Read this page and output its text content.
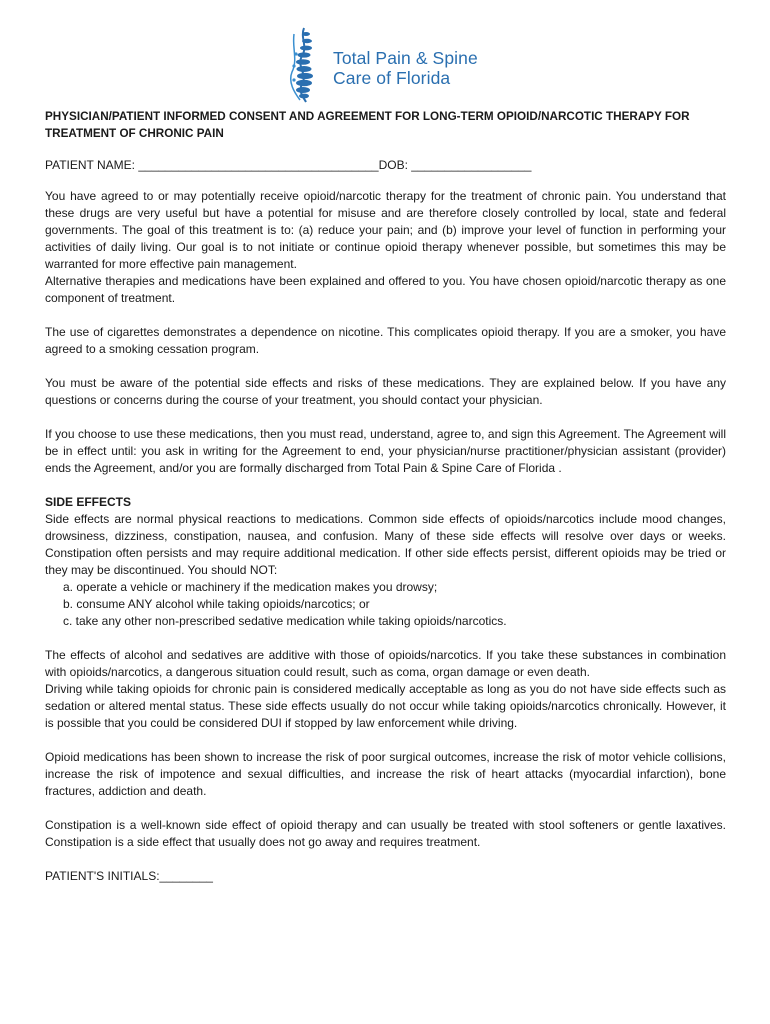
Total Pain & Spine
Care of Florida
PHYSICIAN/PATIENT INFORMED CONSENT AND AGREEMENT FOR LONG-TERM OPIOID/NARCOTIC THERAPY FOR TREATMENT OF CHRONIC PAIN
PATIENT NAME: ____________________________________DOB: __________________

You have agreed to or may potentially receive opioid/narcotic therapy for the treatment of chronic pain. You understand that these drugs are very useful but have a potential for misuse and are therefore closely controlled by local, state and federal governments. The goal of this treatment is to: (a) reduce your pain; and (b) improve your level of function in performing your activities of daily living. Our goal is to not initiate or continue opioid therapy whenever possible, but sometimes this may be warranted for more effective pain management.

Alternative therapies and medications have been explained and offered to you. You have chosen opioid/narcotic therapy as one component of treatment.

The use of cigarettes demonstrates a dependence on nicotine. This complicates opioid therapy. If you are a smoker, you have agreed to a smoking cessation program.

You must be aware of the potential side effects and risks of these medications. They are explained below. If you have any questions or concerns during the course of your treatment, you should contact your physician.

If you choose to use these medications, then you must read, understand, agree to, and sign this Agreement. The Agreement will be in effect until: you ask in writing for the Agreement to end, your physician/nurse practitioner/physician assistant (provider) ends the Agreement, and/or you are formally discharged from Total Pain & Spine Care of Florida .

SIDE EFFECTS

Side effects are normal physical reactions to medications. Common side effects of opioids/narcotics include mood changes, drowsiness, dizziness, constipation, nausea, and confusion. Many of these side effects will resolve over days or weeks. Constipation often persists and may require additional medication. If other side effects persist, different opioids may be tried or they may be discontinued. You should NOT:

a. operate a vehicle or machinery if the medication makes you drowsy;
b. consume ANY alcohol while taking opioids/narcotics; or
c. take any other non-prescribed sedative medication while taking opioids/narcotics.

The effects of alcohol and sedatives are additive with those of opioids/narcotics. If you take these substances in combination with opioids/narcotics, a dangerous situation could result, such as coma, organ damage or even death.

Driving while taking opioids for chronic pain is considered medically acceptable as long as you do not have side effects such as sedation or altered mental status. These side effects usually do not occur while taking opioids/narcotics chronically. However, it is possible that you could be considered DUI if stopped by law enforcement while driving.

Opioid medications has been shown to increase the risk of poor surgical outcomes, increase the risk of motor vehicle collisions, increase the risk of impotence and sexual difficulties, and increase the risk of heart attacks (myocardial infarction), bone fractures, addiction and death.

Constipation is a well-known side effect of opioid therapy and can usually be treated with stool softeners or gentle laxatives. Constipation is a side effect that usually does not go away and requires treatment.

PATIENT'S INITIALS:________
